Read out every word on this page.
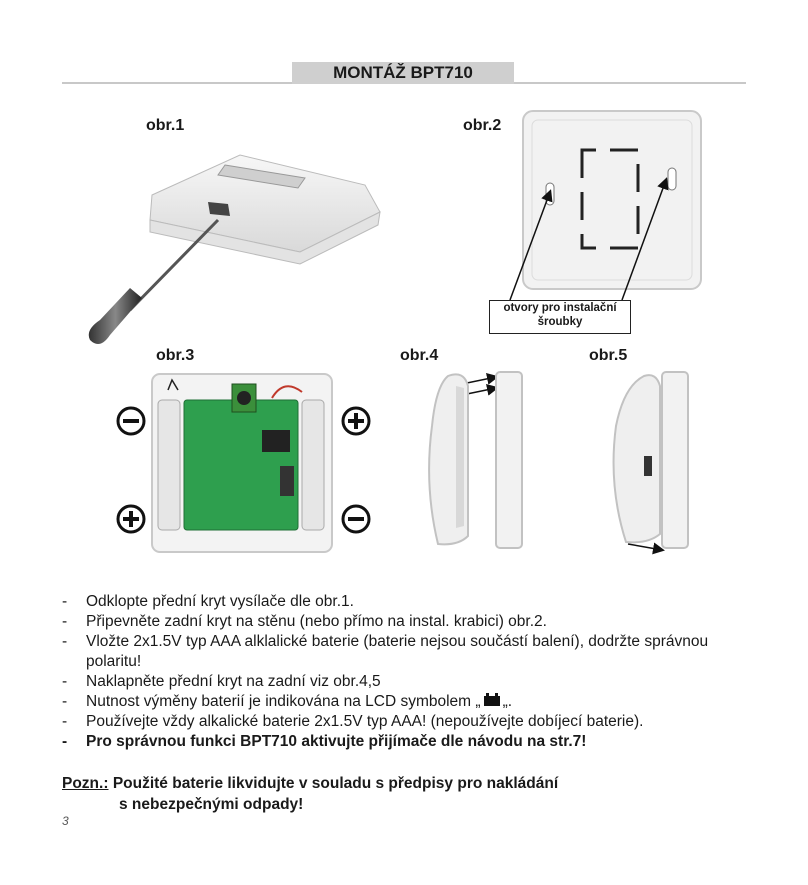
MONTÁŽ BPT710
obr.1	obr.2
obr.3	obr.4	obr.5
otvory pro instalační
šroubky
- Odklopte přední kryt vysílače dle obr.1.
- Připevněte zadní kryt na stěnu (nebo přímo na instal. krabici) obr.2.
- Vložte 2x1.5V typ AAA alklalické baterie (baterie nejsou součástí balení), dodržte správnou polaritu!
- Naklapněte přední kryt na zadní viz obr.4,5
- Nutnost výměny baterií je indikována na LCD symbolem „ „.
- Používejte vždy alkalické baterie 2x1.5V typ AAA! (nepoužívejte dobíjecí baterie).
- Pro správnou funkci BPT710 aktivujte přijímače dle návodu na str.7!
Pozn.: Použité baterie likvidujte v souladu s předpisy pro nakládání
s nebezpečnými odpady!
3
